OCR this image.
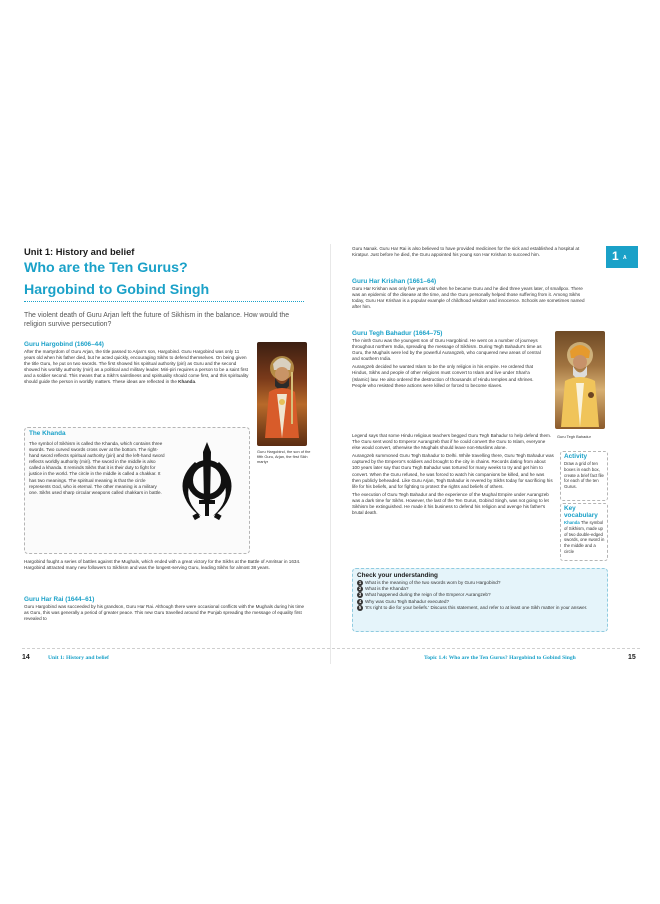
Unit 1: History and belief
Who are the Ten Gurus?
Hargobind to Gobind Singh

The violent death of Guru Arjan left the future of Sikhism in the balance. How would the religion survive persecution?

Guru Hargobind (1606–44)

After the martyrdom of Guru Arjan, the title passed to Arjan's son, Hargobind. Guru Hargobind was only 11 years old when his father died, but he acted quickly, encouraging Sikhs to defend themselves. On being given the title Guru, he put on two swords. The first showed his spiritual authority (piri) as Guru and the second showed his worldly authority (miri) as a political and military leader. Miri-piri requires a person to be a saint first and a soldier second. This means that a Sikh's saintliness and spirituality should come first, and this spirituality should guide the person in worldly matters. These ideas are reflected in the Khanda.

Guru Hargobind, the son of the fifth Guru, Arjan, the first Sikh martyr
The Khanda

The symbol of Sikhism is called the Khanda, which contains three swords. Two curved swords cross over at the bottom. The right-hand sword reflects spiritual authority (piri) and the left-hand sword reflects worldly authority (miri). The sword in the middle is also called a khanda. It reminds Sikhs that it is their duty to fight for justice in the world. The circle in the middle is called a chakkar. It has two meanings. The spiritual meaning is that the circle represents God, who is eternal. The other meaning is a military one. Sikhs used sharp circular weapons called chakkars in battle.

Hargobind fought a series of battles against the Mughals, which ended with a great victory for the Sikhs at the Battle of Amritsar in 1634. Hargobind attracted many new followers to Sikhism and was the longest-serving Guru, leading Sikhs for almost 38 years.

Guru Har Rai (1644–61)

Guru Hargobind was succeeded by his grandson, Guru Har Rai. Although there were occasional conflicts with the Mughals during his time as Guru, this was generally a period of greater peace. This new Guru travelled around the Punjab spreading the message of equality first revealed to

Guru Nanak. Guru Har Rai is also believed to have provided medicines for the sick and established a hospital at Kiratpur. Just before he died, the Guru appointed his young son Har Krishan to succeed him.

Guru Har Krishan (1661–64)

Guru Har Krishan was only five years old when he became Guru and he died three years later, of smallpox. There was an epidemic of the disease at the time, and the Guru personally helped those suffering from it. Among Sikhs today, Guru Har Krishan is a popular example of childhood wisdom and innocence. Schools are sometimes named after him.

Guru Tegh Bahadur (1664–75)

The ninth Guru was the youngest son of Guru Hargobind. He went on a number of journeys throughout northern India, spreading the message of Sikhism. During Tegh Bahadur's time as Guru, the Mughals were led by the powerful Aurangzeb, who conquered new areas of central and southern India.

Aurangzeb decided he wanted Islam to be the only religion in his empire. He ordered that Hindus, Sikhs and people of other religions must convert to Islam and live under Shari'a (Islamic) law. He also ordered the destruction of thousands of Hindu temples and shrines. People who resisted these actions were killed or forced to become slaves.

Guru Tegh Bahadur

Legend says that some Hindu religious teachers begged Guru Tegh Bahadur to help defend them. The Guru sent word to Emperor Aurangzeb that if he could convert the Guru to Islam, everyone else would convert, otherwise the Mughals should leave non-Muslims alone.

Aurangzeb summoned Guru Tegh Bahadur to Delhi. While travelling there, Guru Tegh Bahadur was captured by the Emperor's soldiers and brought to the city in chains. Records dating from about 100 years later say that Guru Tegh Bahadur was tortured for many weeks to try and get him to convert. When the Guru refused, he was forced to watch his companions be killed, and he was then publicly beheaded. Like Guru Arjan, Tegh Bahadur is revered by Sikhs today for sacrificing his life for his beliefs, and for fighting to protect the rights and beliefs of others.

The execution of Guru Tegh Bahadur and the experience of the Mughal Empire under Aurangzeb was a dark time for Sikhs. However, the last of the Ten Gurus, Gobind Singh, was not going to let Sikhism be extinguished. He made it his business to defend his religion and avenge his father's brutal death.

1 A
Activity

Draw a grid of ten boxes in each box, create a brief fact file for each of the ten Gurus.

Key vocabulary

Khanda The symbol of Sikhism, made up of two double-edged swords, one sword in the middle and a circle

Check your understanding
1 What is the meaning of the two swords worn by Guru Hargobind?
2 What is the Khanda?
3 What happened during the reign of the Emperor Aurangzeb?
4 Why was Guru Tegh Bahadur executed?
5 'It's right to die for your beliefs.' Discuss this statement, and refer to at least one Sikh matter in your answer.
14	Unit 1: History and belief	Topic 1.4: Who are the Ten Gurus? Hargobind to Gobind Singh	15
